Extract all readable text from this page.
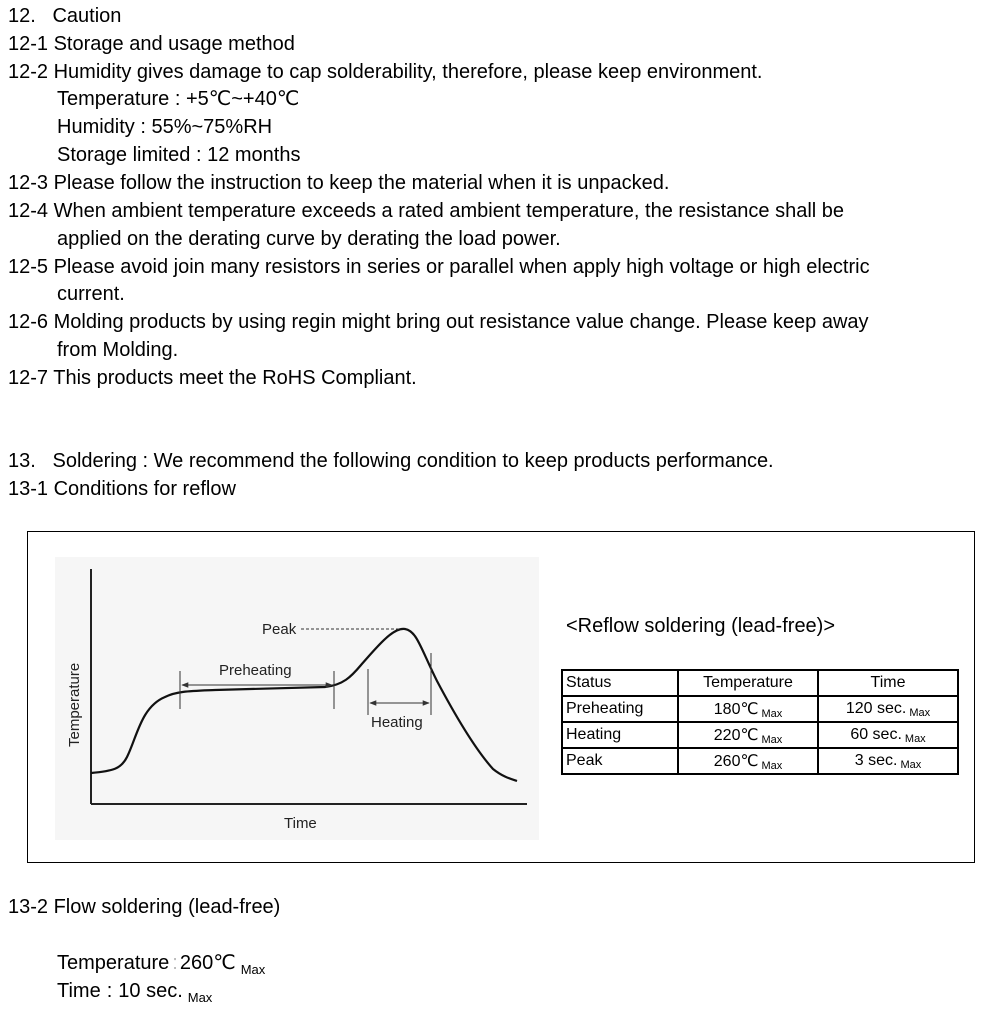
12. Caution
12-1 Storage and usage method
12-2 Humidity gives damage to cap solderability, therefore, please keep environment.
Temperature : +5℃~+40℃
Humidity : 55%~75%RH
Storage limited : 12 months
12-3 Please follow the instruction to keep the material when it is unpacked.
12-4 When ambient temperature exceeds a rated ambient temperature, the resistance shall be
applied on the derating curve by derating the load power.
12-5 Please avoid join many resistors in series or parallel when apply high voltage or high electric
current.
12-6 Molding products by using regin might bring out resistance value change. Please keep away
from Molding.
12-7 This products meet the RoHS Compliant.
13. Soldering : We recommend the following condition to keep products performance.
13-1 Conditions for reflow
Peak
Preheating
Heating
Temperature
Time
<Reflow soldering (lead-free)>
Status	Temperature	Time
Preheating	180℃ $_{Max}$	120 sec. $_{Max}$
Heating	220℃ $_{Max}$	60 sec. $_{Max}$
Peak	260℃ $_{Max}$	3 sec. $_{Max}$
13-2 Flow soldering (lead-free)
Temperature : 260℃ $_{Max}$
Time : 10 sec. $_{Max}$
